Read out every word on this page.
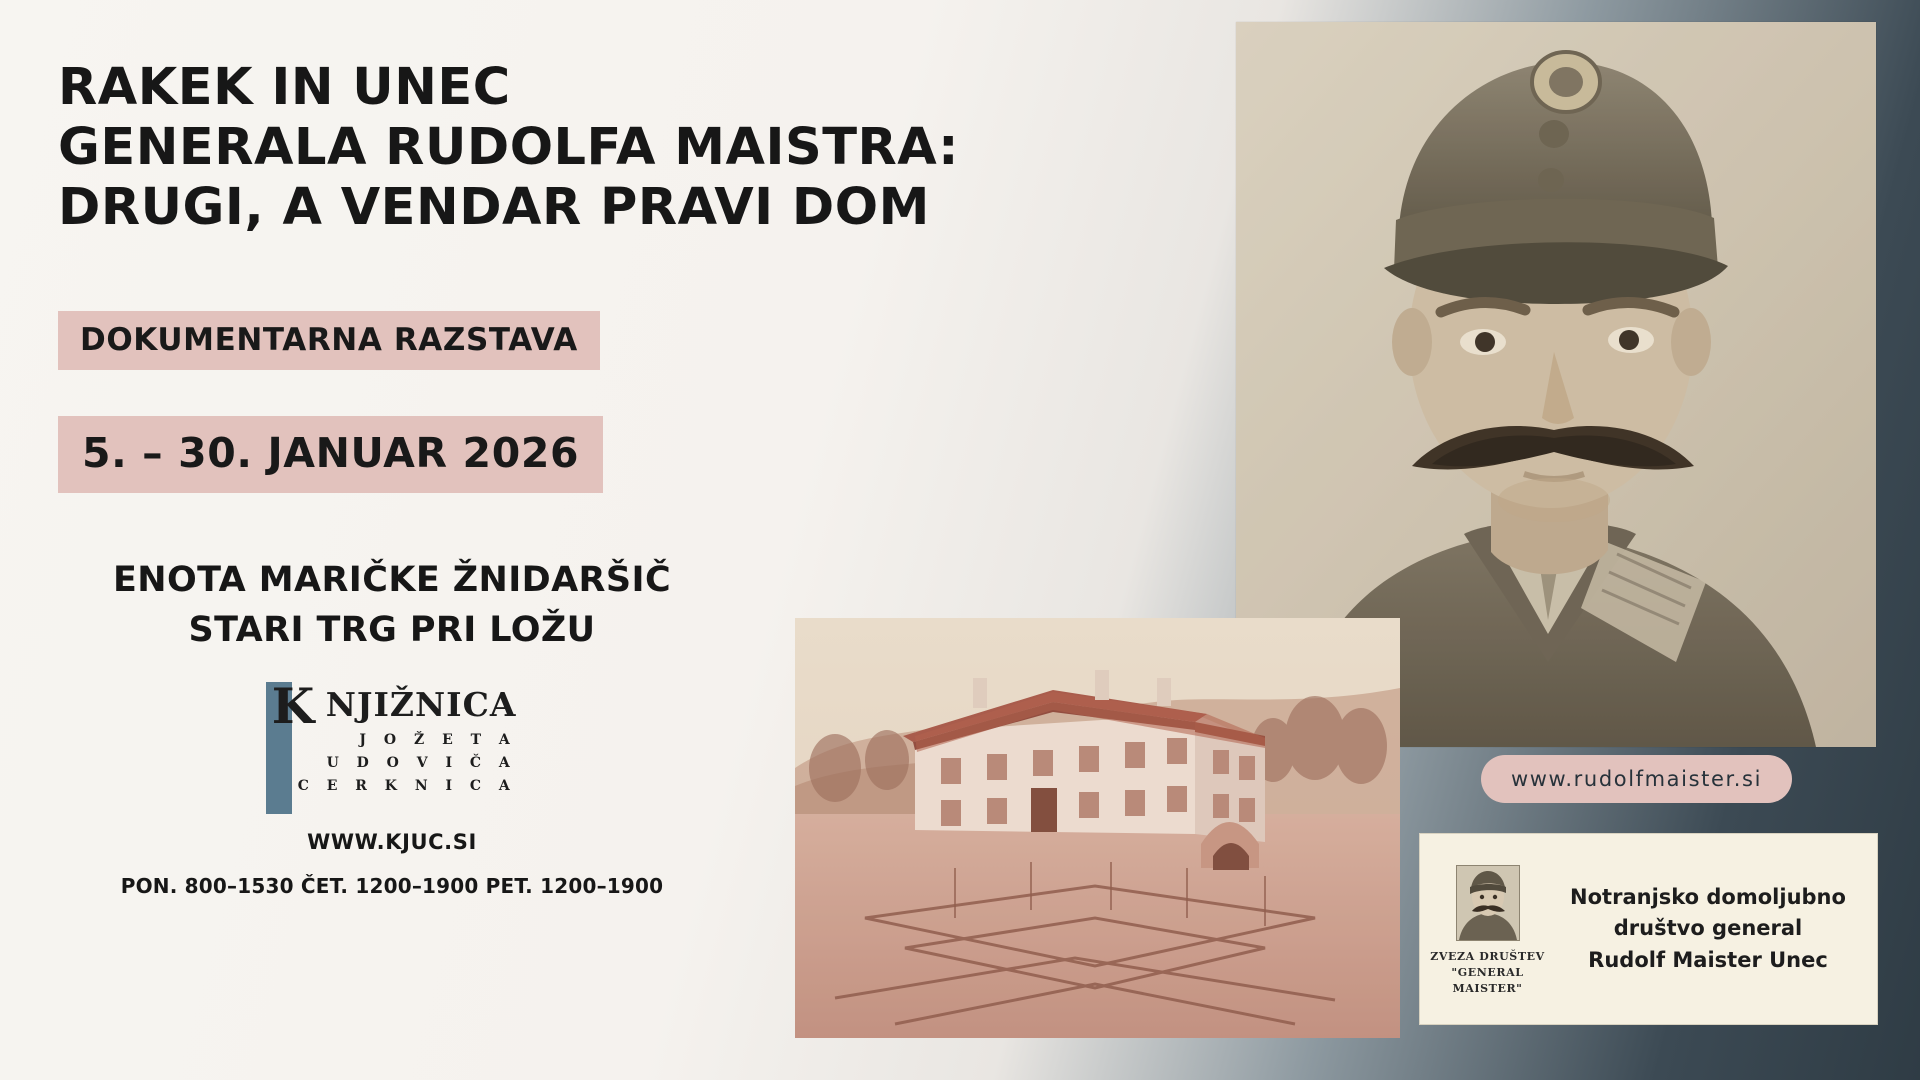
RAKEK IN UNEC
GENERALA RUDOLFA MAISTRA:
DRUGI, A VENDAR PRAVI DOM
DOKUMENTARNA RAZSTAVA
5. – 30. JANUAR 2026
ENOTA MARIČKE ŽNIDARŠIČ
STARI TRG PRI LOŽU
K NJIŽNICA
J O Ž E T A
U D O V I Č A
C E R K N I C A
WWW.KJUC.SI
PON. 800–1530 ČET. 1200–1900 PET. 1200–1900
www.rudolfmaister.si
ZVEZA DRUŠTEV
"GENERAL MAISTER"
Notranjsko domoljubno
društvo general
Rudolf Maister Unec
